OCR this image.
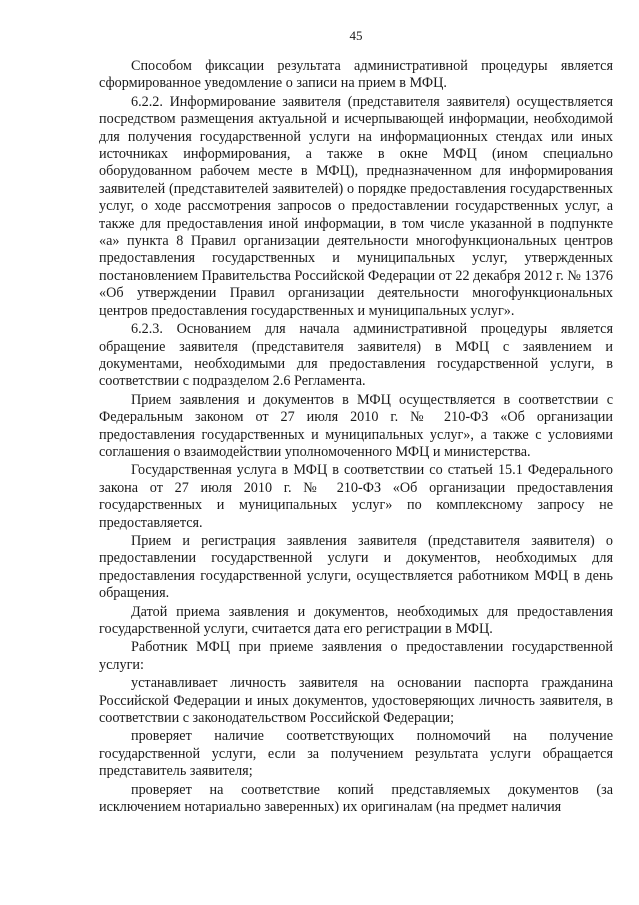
45

Способом фиксации результата административной процедуры является сформированное уведомление о записи на прием в МФЦ.

6.2.2. Информирование заявителя (представителя заявителя) осуществляется посредством размещения актуальной и исчерпывающей информации, необходимой для получения государственной услуги на информационных стендах или иных источниках информирования, а также в окне МФЦ (ином специально оборудованном рабочем месте в МФЦ), предназначенном для информирования заявителей (представителей заявителей) о порядке предоставления государственных услуг, о ходе рассмотрения запросов о предоставлении государственных услуг, а также для предоставления иной информации, в том числе указанной в подпункте «а» пункта 8 Правил организации деятельности многофункциональных центров предоставления государственных и муниципальных услуг, утвержденных постановлением Правительства Российской Федерации от 22 декабря 2012 г. № 1376 «Об утверждении Правил организации деятельности многофункциональных центров предоставления государственных и муниципальных услуг».

6.2.3. Основанием для начала административной процедуры является обращение заявителя (представителя заявителя) в МФЦ с заявлением и документами, необходимыми для предоставления государственной услуги, в соответствии с подразделом 2.6 Регламента.

Прием заявления и документов в МФЦ осуществляется в соответствии с Федеральным законом от 27 июля 2010 г. № 210-ФЗ «Об организации предоставления государственных и муниципальных услуг», а также с условиями соглашения о взаимодействии уполномоченного МФЦ и министерства.

Государственная услуга в МФЦ в соответствии со статьей 15.1 Федерального закона от 27 июля 2010 г. № 210-ФЗ «Об организации предоставления государственных и муниципальных услуг» по комплексному запросу не предоставляется.

Прием и регистрация заявления заявителя (представителя заявителя) о предоставлении государственной услуги и документов, необходимых для предоставления государственной услуги, осуществляется работником МФЦ в день обращения.

Датой приема заявления и документов, необходимых для предоставления государственной услуги, считается дата его регистрации в МФЦ.

Работник МФЦ при приеме заявления о предоставлении государственной услуги:

устанавливает личность заявителя на основании паспорта гражданина Российской Федерации и иных документов, удостоверяющих личность заявителя, в соответствии с законодательством Российской Федерации;

проверяет наличие соответствующих полномочий на получение государственной услуги, если за получением результата услуги обращается представитель заявителя;

проверяет на соответствие копий представляемых документов (за исключением нотариально заверенных) их оригиналам (на предмет наличия
